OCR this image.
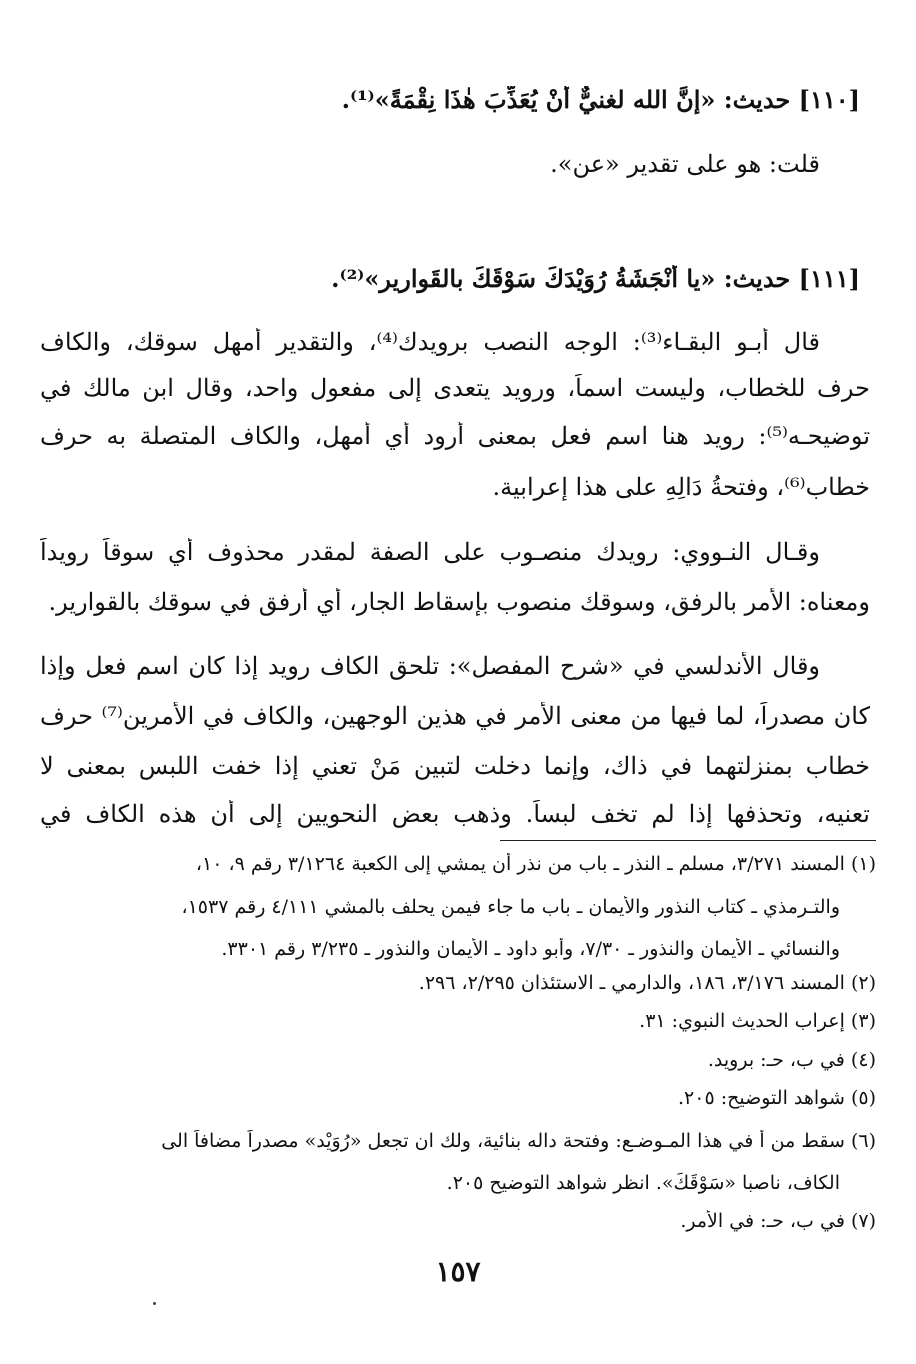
[١١٠] حديث: «إنَّ الله لغنيٌّ أنْ يُعَذِّبَ هٰذَا نِقْمَةً»⁽¹⁾.
قلت: هو على تقدير «عن».
[١١١] حديث: «يا أَنْجَشَةُ رُوَيْدَكَ سَوْقَكَ بالقَوارير»⁽²⁾.
قال أبـو البقـاء⁽³⁾: الوجه النصب برويدك⁽⁴⁾، والتقدير أمهل سوقك، والكاف
حرف للخطاب، وليست اسماً، ورويد يتعدى إلى مفعول واحد، وقال ابن مالك في
توضيحـه⁽⁵⁾: رويد هنا اسم فعل بمعنى أرود أي أمهل، والكاف المتصلة به حرف
خطاب⁽⁶⁾، وفتحةُ دَالِهِ على هذا إعرابية.
وقـال النـووي: رويدك منصـوب على الصفة لمقدر محذوف أي سوقاً رويداً
ومعناه: الأمر بالرفق، وسوقك منصوب بإسقاط الجار، أي أرفق في سوقك بالقوارير.
وقال الأندلسي في «شرح المفصل»: تلحق الكاف رويد إذا كان اسم فعل وإذا
كان مصدراً، لما فيها من معنى الأمر في هذين الوجهين، والكاف في الأمرين⁽⁷⁾ حرف
خطاب بمنزلتهما في ذاك، وإنما دخلت لتبين مَنْ تعني إذا خفت اللبس بمعنى لا
تعنيه، وتحذفها إذا لم تخف لبساً. وذهب بعض النحويين إلى أن هذه الكاف في
(١) المسند ٣/٢٧١، مسلم ـ النذر ـ باب من نذر أن يمشي إلى الكعبة ٣/١٢٦٤ رقم ٩، ١٠،
والتـرمذي ـ كتاب النذور والأيمان ـ باب ما جاء فيمن يحلف بالمشي ٤/١١١ رقم ١٥٣٧،
والنسائي ـ الأيمان والنذور ـ ٧/٣٠، وأبو داود ـ الأيمان والنذور ـ ٣/٢٣٥ رقم ٣٣٠١.
(٢) المسند ٣/١٧٦، ١٨٦، والدارمي ـ الاستئذان ٢/٢٩٥، ٢٩٦.
(٣) إعراب الحديث النبوي: ٣١.
(٤) في ب، حـ: برويد.
(٥) شواهد التوضيح: ٢٠٥.
(٦) سقط من أ في هذا المـوضـع: وفتحة داله بنائية، ولك ان تجعل «رُوَيْد» مصدراً مضافاً الى
الكاف، ناصبا «سَوْقَكَ». انظر شواهد التوضيح ٢٠٥.
(٧) في ب، حـ: في الأمر.
١٥٧
